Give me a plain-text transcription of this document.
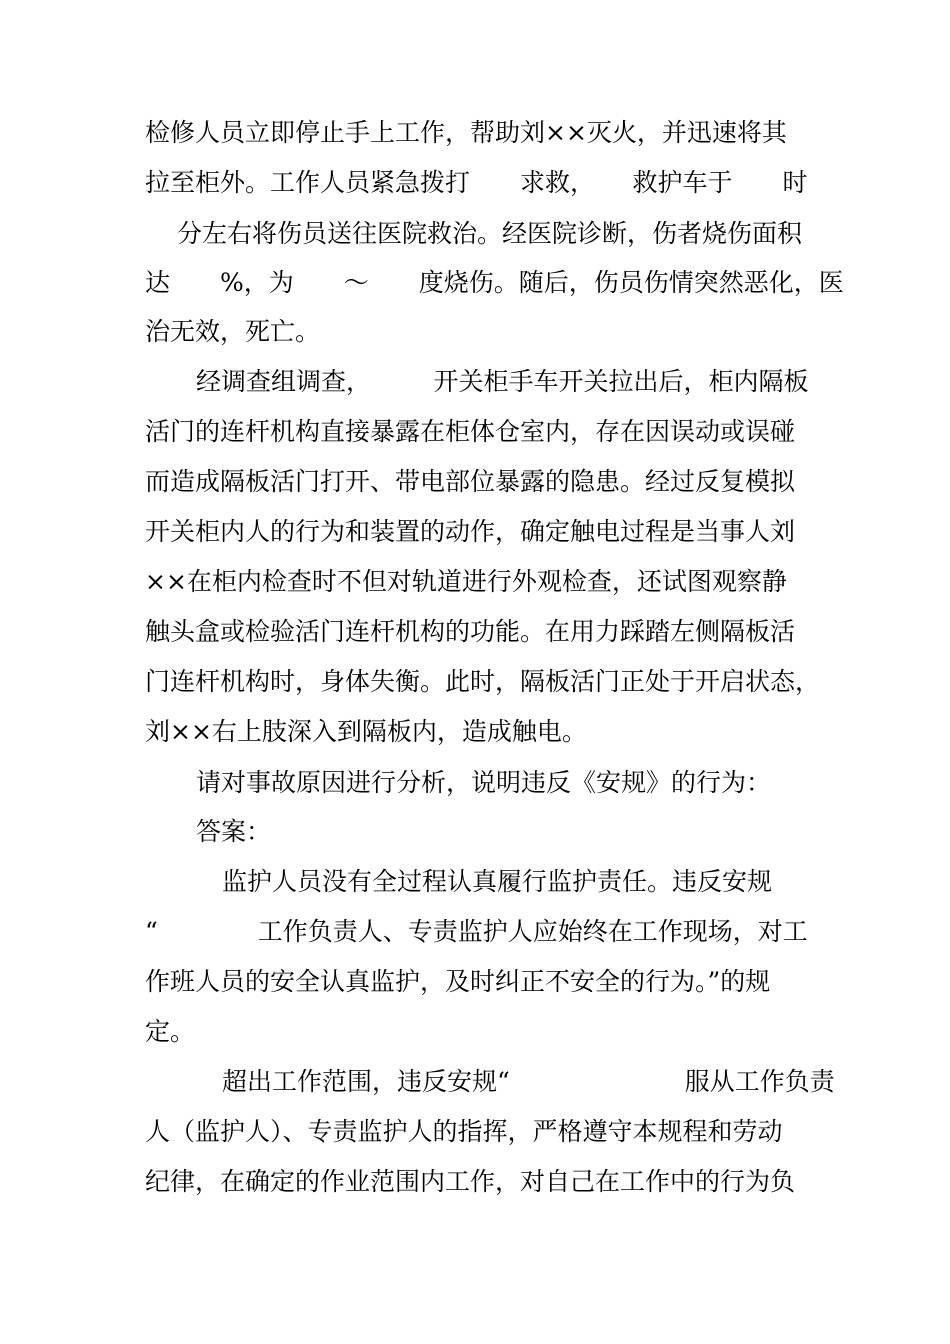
检修人员立即停止手上工作，帮助刘××灭火，并迅速将其
拉至柜外。工作人员紧急拨打　　求救，　　救护车于　　时
分左右将伤员送往医院救治。经医院诊断，伤者烧伤面积
达　　%，为　　～　　度烧伤。随后，伤员伤情突然恶化，医
治无效，死亡。
经调查组调查，　　　开关柜手车开关拉出后，柜内隔板
活门的连杆机构直接暴露在柜体仓室内，存在因误动或误碰
而造成隔板活门打开、带电部位暴露的隐患。经过反复模拟
开关柜内人的行为和装置的动作，确定触电过程是当事人刘
××在柜内检查时不但对轨道进行外观检查，还试图观察静
触头盒或检验活门连杆机构的功能。在用力踩踏左侧隔板活
门连杆机构时，身体失衡。此时，隔板活门正处于开启状态，
刘××右上肢深入到隔板内，造成触电。
请对事故原因进行分析，说明违反《安规》的行为：
答案：
监护人员没有全过程认真履行监护责任。违反安规
“　　　　工作负责人、专责监护人应始终在工作现场，对工
作班人员的安全认真监护，及时纠正不安全的行为。”的规
定。
超出工作范围，违反安规“　　　　　　　服从工作负责
人（监护人）、专责监护人的指挥，严格遵守本规程和劳动
纪律，在确定的作业范围内工作，对自己在工作中的行为负
